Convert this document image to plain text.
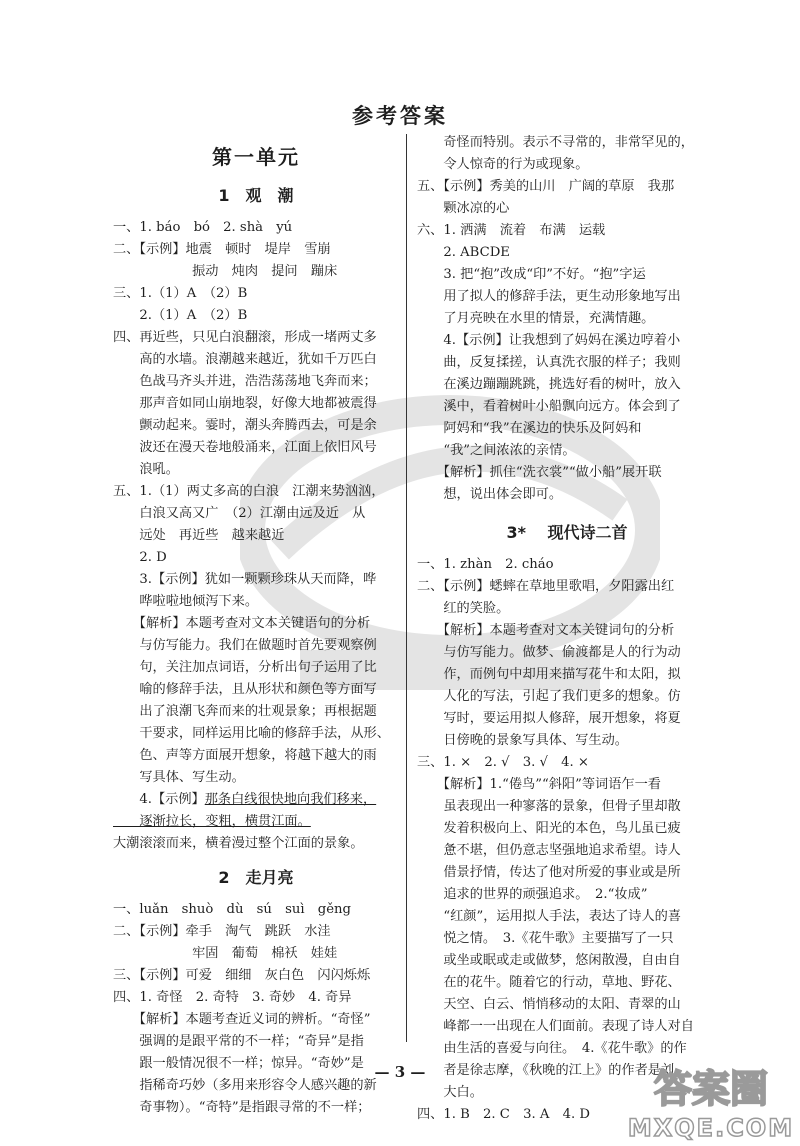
参考答案
第一单元
1　观　潮
一、1. báo　bó　2. shà　yú
二、【示例】地震　顿时　堤岸　雪崩
　　　　　　振动　炖肉　提问　蹦床
三、1.（1）A　（2）B
　　2.（1）A　（2）B
四、再近些，只见白浪翻滚，形成一堵两丈多
　　高的水墙。浪潮越来越近，犹如千万匹白
　　色战马齐头并进，浩浩荡荡地飞奔而来；
　　那声音如同山崩地裂，好像大地都被震得
　　颤动起来。霎时，潮头奔腾西去，可是余
　　波还在漫天卷地般涌来，江面上依旧风号
　　浪吼。
五、1.（1）两丈多高的白浪　江潮来势汹汹，
　　白浪又高又广　（2）江潮由远及近　从
　　远处　再近些　越来越近
　　2. D
　　3.【示例】犹如一颗颗珍珠从天而降，哗
　　哗啦啦地倾泻下来。
　　【解析】本题考查对文本关键语句的分析
　　与仿写能力。我们在做题时首先要观察例
　　句，关注加点词语，分析出句子运用了比
　　喻的修辞手法，且从形状和颜色等方面写
　　出了浪潮飞奔而来的壮观景象；再根据题
　　干要求，同样运用比喻的修辞手法，从形、
　　色、声等方面展开想象，将越下越大的雨
　　写具体、写生动。
　　4.【示例】那条白线很快地向我们移来，
　　逐渐拉长，变粗，横贯江面。
大潮滚滚而来，横着漫过整个江面的景象。
2　走月亮
一、luǎn　shuò　dù　sú　suì　gěng
二、【示例】牵手　淘气　跳跃　水洼
　　　　　　牢固　葡萄　棉袄　娃娃
三、【示例】可爱　细细　灰白色　闪闪烁烁
四、1. 奇怪　2. 奇特　3. 奇妙　4. 奇异
　　【解析】本题考查近义词的辨析。“奇怪”
　　强调的是跟平常的不一样；“奇异”是指
　　跟一般情况很不一样；惊异。“奇妙”是
　　指稀奇巧妙（多用来形容令人感兴趣的新
　　奇事物）。“奇特”是指跟寻常的不一样；
　　奇怪而特别。表示不寻常的，非常罕见的，
　　令人惊奇的行为或现象。
五、【示例】秀美的山川　广阔的草原　我那
　　颗冰凉的心
六、1. 洒满　流着　布满　运载
　　2. ABCDE
　　3. 把“抱”改成“印”不好。“抱”字运
　　用了拟人的修辞手法，更生动形象地写出
　　了月亮映在水里的情景，充满情趣。
　　4.【示例】让我想到了妈妈在溪边哼着小
　　曲，反复揉搓，认真洗衣服的样子；我则
　　在溪边蹦蹦跳跳，挑选好看的树叶，放入
　　溪中，看着树叶小船飘向远方。体会到了
　　阿妈和“我”在溪边的快乐及阿妈和
　　“我”之间浓浓的亲情。
　　【解析】抓住“洗衣裳”“做小船”展开联
　　想，说出体会即可。
3* 　现代诗二首
一、1. zhàn　2. cháo
二、【示例】蟋蟀在草地里歌唱，夕阳露出红
　　红的笑脸。
　　【解析】本题考查对文本关键词句的分析
　　与仿写能力。做梦、偷渡都是人的行为动
　　作，而例句中却用来描写花牛和太阳，拟
　　人化的写法，引起了我们更多的想象。仿
　　写时，要运用拟人修辞，展开想象，将夏
　　日傍晚的景象写具体、写生动。
三、1. ×　2. √　3. √　4. ×
　　【解析】1.“倦鸟”“斜阳”等词语乍一看
　　虽表现出一种寥落的景象，但骨子里却散
　　发着积极向上、阳光的本色，鸟儿虽已疲
　　惫不堪，但仍意志坚强地追求希望。诗人
　　借景抒情，传达了他对所爱的事业或是所
　　追求的世界的顽强追求。　2.“妆成”
　　“红颜”，运用拟人手法，表达了诗人的喜
　　悦之情。　3.《花牛歌》主要描写了一只
　　或坐或眠或走或做梦，悠闲散漫，自由自
　　在的花牛。随着它的行动，草地、野花、
　　天空、白云、悄悄移动的太阳、青翠的山
　　峰都一一出现在人们面前。表现了诗人对自
　　由生活的喜爱与向往。　4.《花牛歌》的作
　　者是徐志摩，《秋晚的江上》的作者是刘
　　大白。
四、1. B　2. C　3. A　4. D
— 3 —	答案圈
MXQE.COM
